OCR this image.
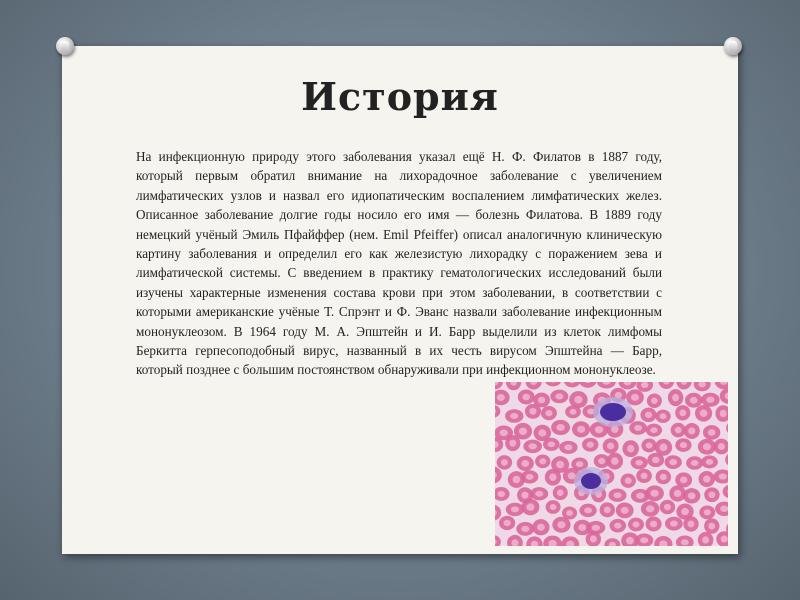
История

На инфекционную природу этого заболевания указал ещё Н. Ф. Филатов в 1887 году, который первым обратил внимание на лихорадочное заболевание с увеличением лимфатических узлов и назвал его идиопатическим воспалением лимфатических желез. Описанное заболевание долгие годы носило его имя — болезнь Филатова. В 1889 году немецкий учёный Эмиль Пфайффер (нем. Emil Pfeiffer) описал аналогичную клиническую картину заболевания и определил его как железистую лихорадку с поражением зева и лимфатической системы. С введением в практику гематологических исследований были изучены характерные изменения состава крови при этом заболевании, в соответствии с которыми американские учёные Т. Спрэнт и Ф. Эванс назвали заболевание инфекционным мононуклеозом. В 1964 году М. А. Эпштейн и И. Барр выделили из клеток лимфомы Беркитта герпесоподобный вирус, названный в их честь вирусом Эпштейна — Барр, который позднее с большим постоянством обнаруживали при инфекционном мононуклеозе.
